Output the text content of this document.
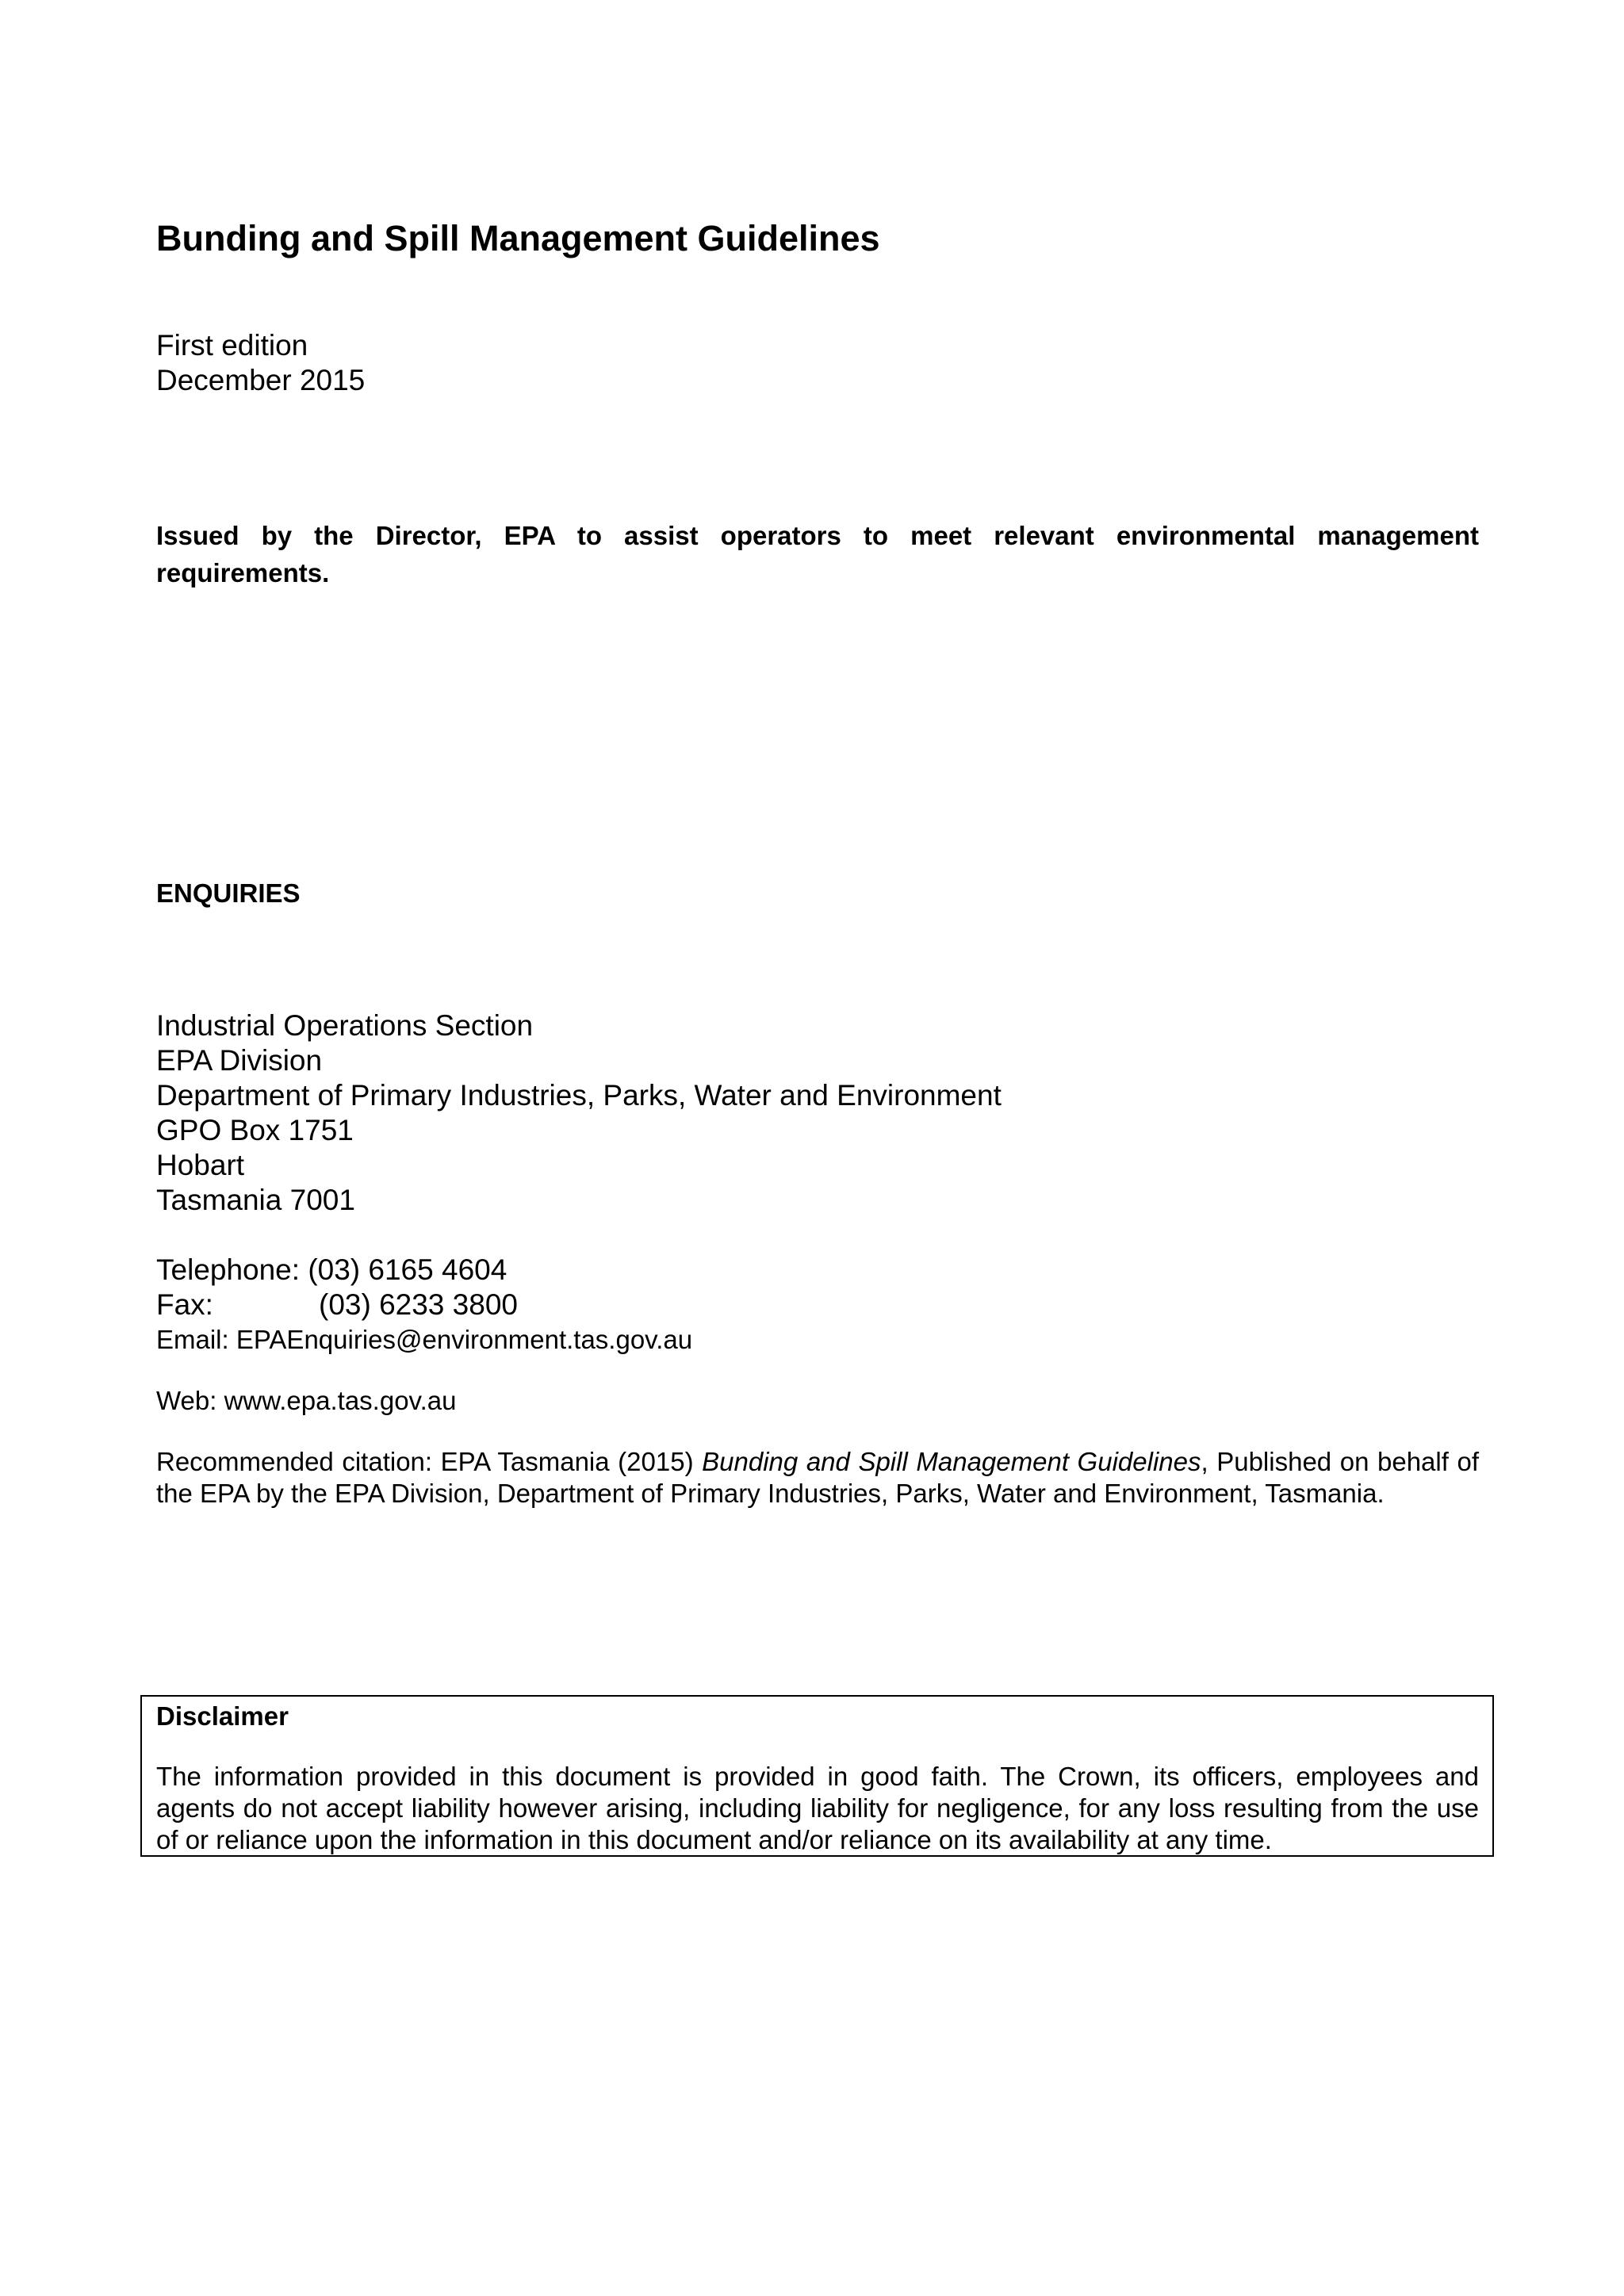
Bunding and Spill Management Guidelines
First edition
December 2015

Issued by the Director, EPA to assist operators to meet relevant environmental management requirements.

ENQUIRIES
Industrial Operations Section
EPA Division
Department of Primary Industries, Parks, Water and Environment
GPO Box 1751
Hobart
Tasmania 7001
Telephone: (03) 6165 4604
Fax:	(03) 6233 3800
Email: EPAEnquiries@environment.tas.gov.au
Web: www.epa.tas.gov.au

Recommended citation: EPA Tasmania (2015) Bunding and Spill Management Guidelines, Published on behalf of the EPA by the EPA Division, Department of Primary Industries, Parks, Water and Environment, Tasmania.

Disclaimer

The information provided in this document is provided in good faith. The Crown, its officers, employees and agents do not accept liability however arising, including liability for negligence, for any loss resulting from the use of or reliance upon the information in this document and/or reliance on its availability at any time.
